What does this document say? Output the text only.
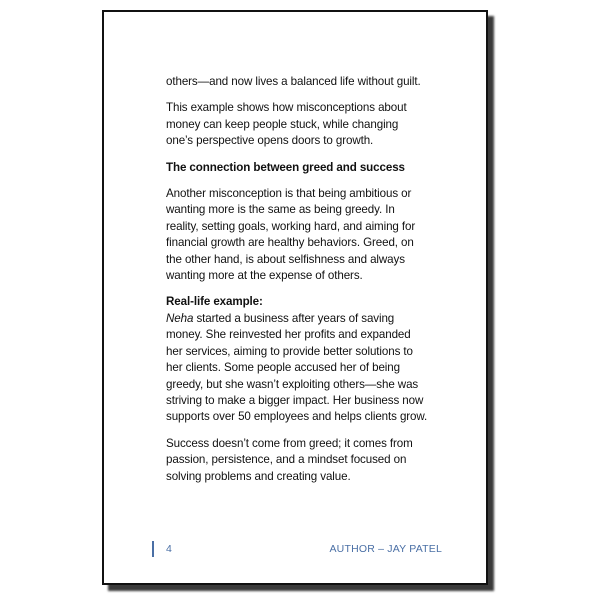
others—and now lives a balanced life without guilt.

This example shows how misconceptions about money can keep people stuck, while changing one’s perspective opens doors to growth.

The connection between greed and success

Another misconception is that being ambitious or wanting more is the same as being greedy. In reality, setting goals, working hard, and aiming for financial growth are healthy behaviors. Greed, on the other hand, is about selfishness and always wanting more at the expense of others.

Real-life example:
Neha started a business after years of saving money. She reinvested her profits and expanded her services, aiming to provide better solutions to her clients. Some people accused her of being greedy, but she wasn’t exploiting others—she was striving to make a bigger impact. Her business now supports over 50 employees and helps clients grow.

Success doesn’t come from greed; it comes from passion, persistence, and a mindset focused on solving problems and creating value.

4	AUTHOR – JAY PATEL
